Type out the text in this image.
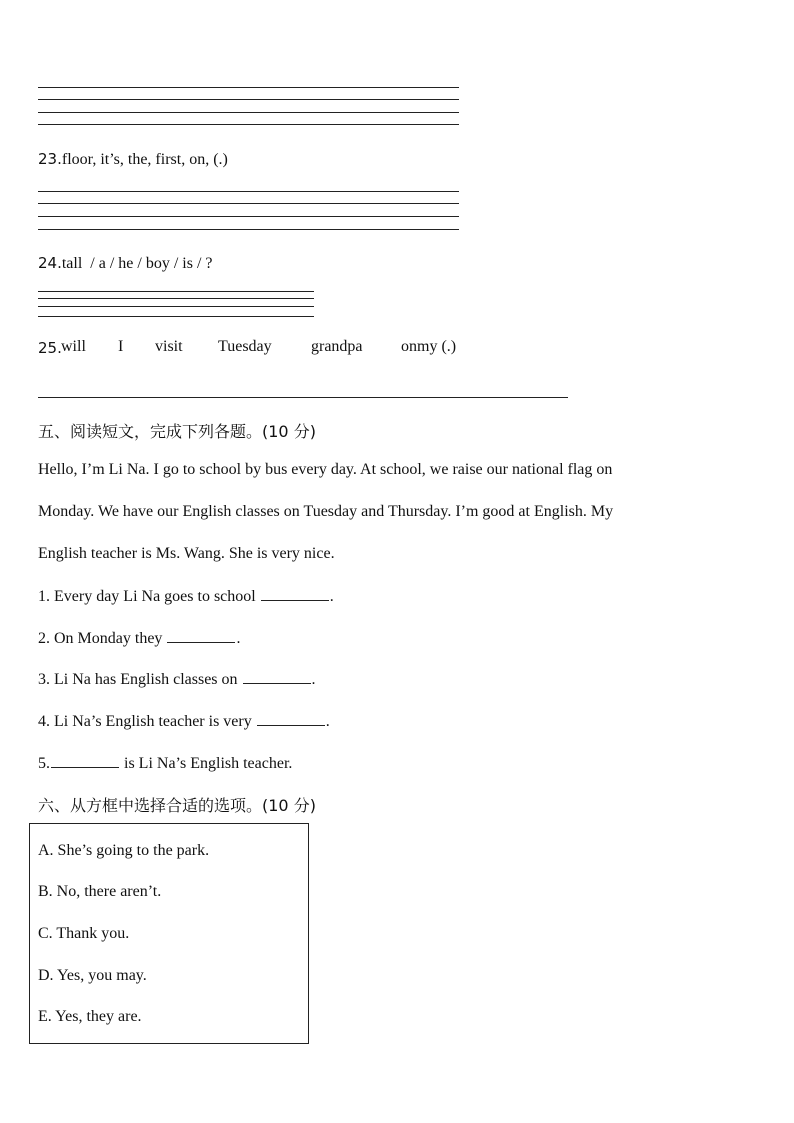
23.floor, it’s, the, first, on, (.)
24.tall  / a / he / boy / is / ?
25. will I visit Tuesday grandpa onmy (.)
五、阅读短文，完成下列各题。(10 分)
Hello, I’m Li Na. I go to school by bus every day. At school, we raise our national flag on
Monday. We have our English classes on Tuesday and Thursday. I’m good at English. My
English teacher is Ms. Wang. She is very nice.
1. Every day Li Na goes to school	.
2. On Monday they	.
3. Li Na has English classes on	.
4. Li Na’s English teacher is very	.
5.	is Li Na’s English teacher.
六、从方框中选择合适的选项。(10 分)
A. She’s going to the park.
B. No, there aren’t.
C. Thank you.
D. Yes, you may.
E. Yes, they are.
